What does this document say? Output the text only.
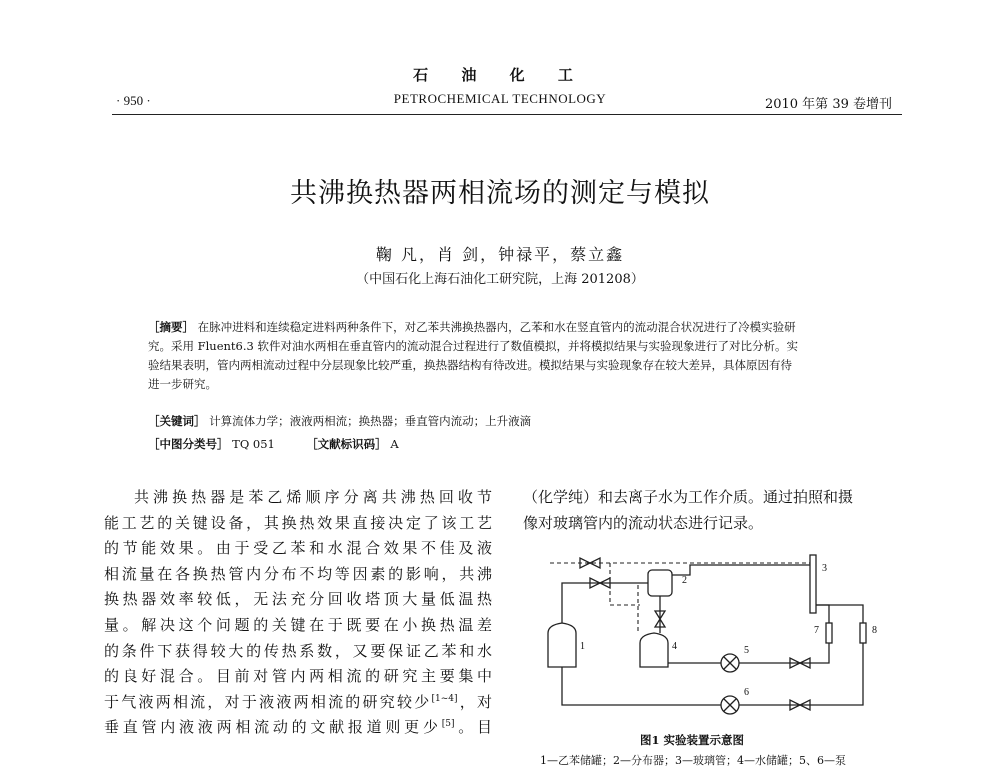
石 油 化 工
· 950 ·	PETROCHEMICAL TECHNOLOGY	2010 年第 39 卷增刊
共沸换热器两相流场的测定与模拟
鞠 凡，肖 剑，钟禄平，蔡立鑫
（中国石化上海石油化工研究院，上海 201208）
［摘要］ 在脉冲进料和连续稳定进料两种条件下，对乙苯共沸换热器内，乙苯和水在竖直管内的流动混合状况进行了冷模实验研
究。采用 Fluent6.3 软件对油水两相在垂直管内的流动混合过程进行了数值模拟，并将模拟结果与实验现象进行了对比分析。实
验结果表明，管内两相流动过程中分层现象比较严重，换热器结构有待改进。模拟结果与实验现象存在较大差异，具体原因有待
进一步研究。
［关键词］ 计算流体力学；液液两相流；换热器；垂直管内流动；上升液滴
［中图分类号］ TQ 051	［文献标识码］ A
共沸换热器是苯乙烯顺序分离共沸热回收节
能工艺的关键设备，其换热效果直接决定了该工艺
的节能效果。由于受乙苯和水混合效果不佳及液
相流量在各换热管内分布不均等因素的影响，共沸
换热器效率较低，无法充分回收塔顶大量低温热
量。解决这个问题的关键在于既要在小换热温差
的条件下获得较大的传热系数，又要保证乙苯和水
的良好混合。目前对管内两相流的研究主要集中
于气液两相流，对于液液两相流的研究较少[1~4]，对
垂直管内液液两相流动的文献报道则更少[5]。目
（化学纯）和去离子水为工作介质。通过拍照和摄
像对玻璃管内的流动状态进行记录。
1
2
3
4	5
6
7	8
图1 实验装置示意图
1—乙苯储罐；2—分布器；3—玻璃管；4—水储罐；5、6—泵
